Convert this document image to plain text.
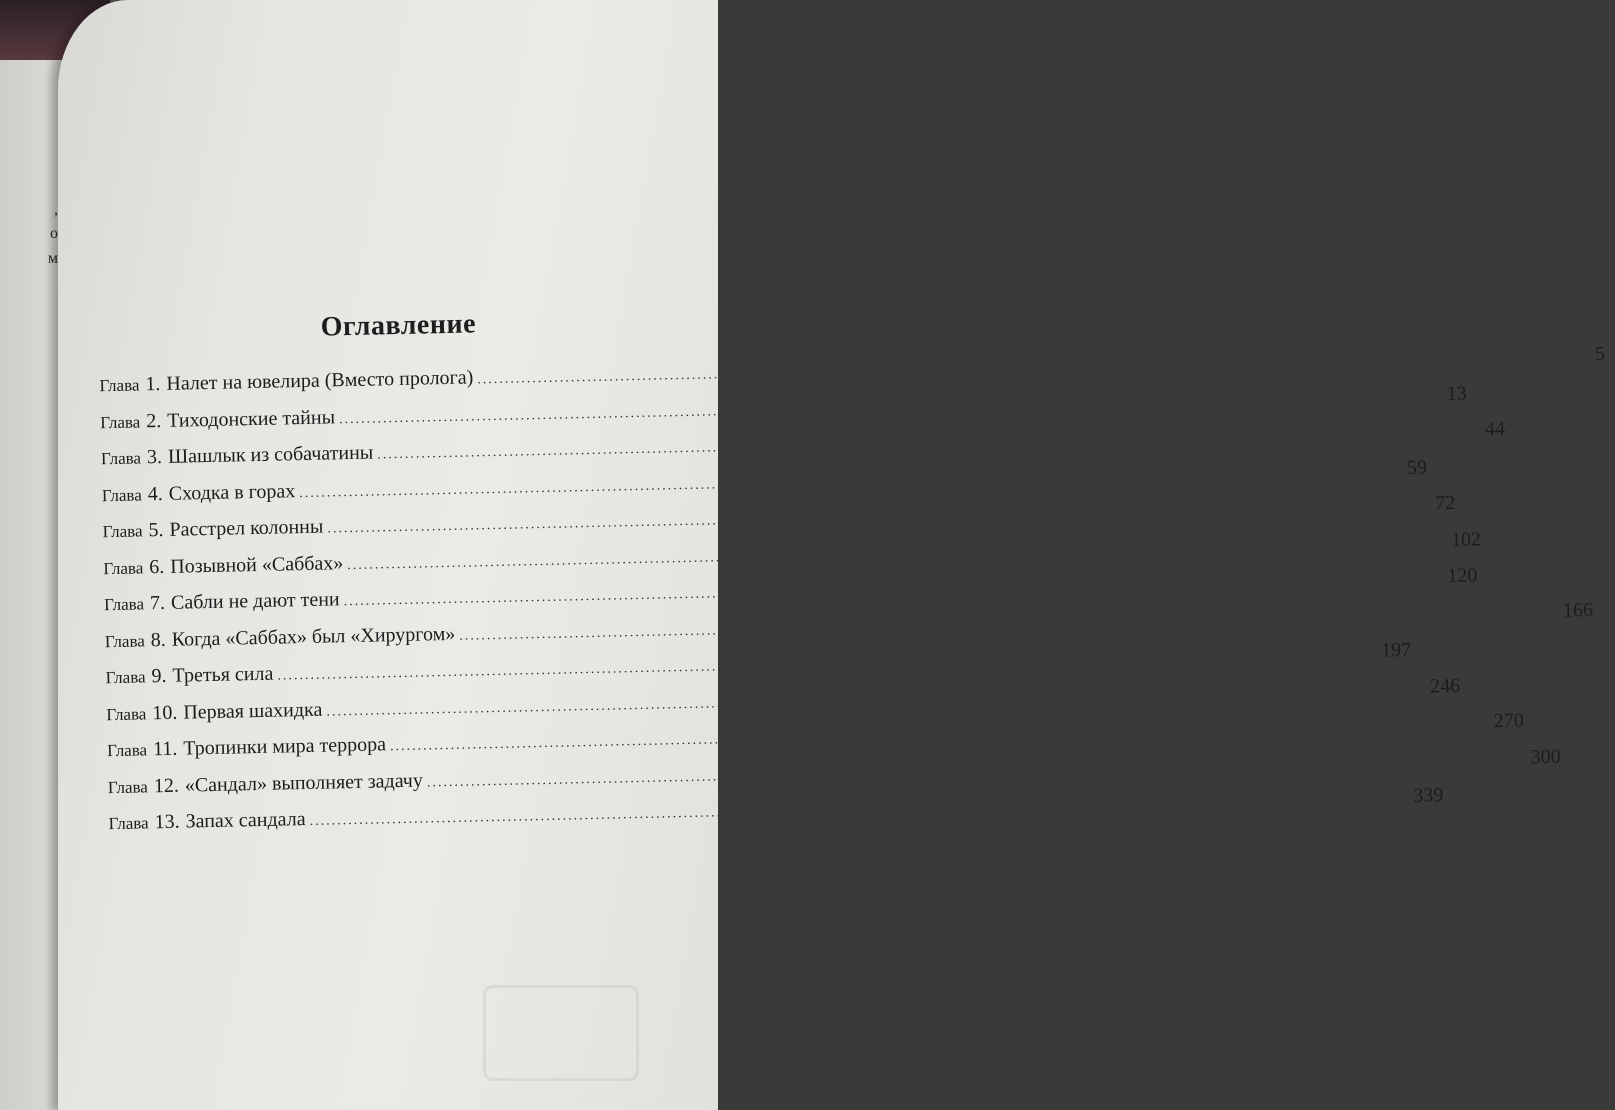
,
о
м
Оглавление
Глава 1. Налет на ювелира (Вместо пролога) ........................................................................................................................................................................................................ 5
Глава 2. Тиходонские тайны ........................................................................................................................................................................................................ 13
Глава 3. Шашлык из собачатины ........................................................................................................................................................................................................ 44
Глава 4. Сходка в горах ........................................................................................................................................................................................................ 59
Глава 5. Расстрел колонны ........................................................................................................................................................................................................ 72
Глава 6. Позывной «Саббах» ........................................................................................................................................................................................................ 102
Глава 7. Сабли не дают тени ........................................................................................................................................................................................................ 120
Глава 8. Когда «Саббах» был «Хирургом» ........................................................................................................................................................................................................ 166
Глава 9. Третья сила ........................................................................................................................................................................................................ 197
Глава 10. Первая шахидка ........................................................................................................................................................................................................ 246
Глава 11. Тропинки мира террора ........................................................................................................................................................................................................ 270
Глава 12. «Сандал» выполняет задачу ........................................................................................................................................................................................................ 300
Глава 13. Запах сандала ........................................................................................................................................................................................................ 339
